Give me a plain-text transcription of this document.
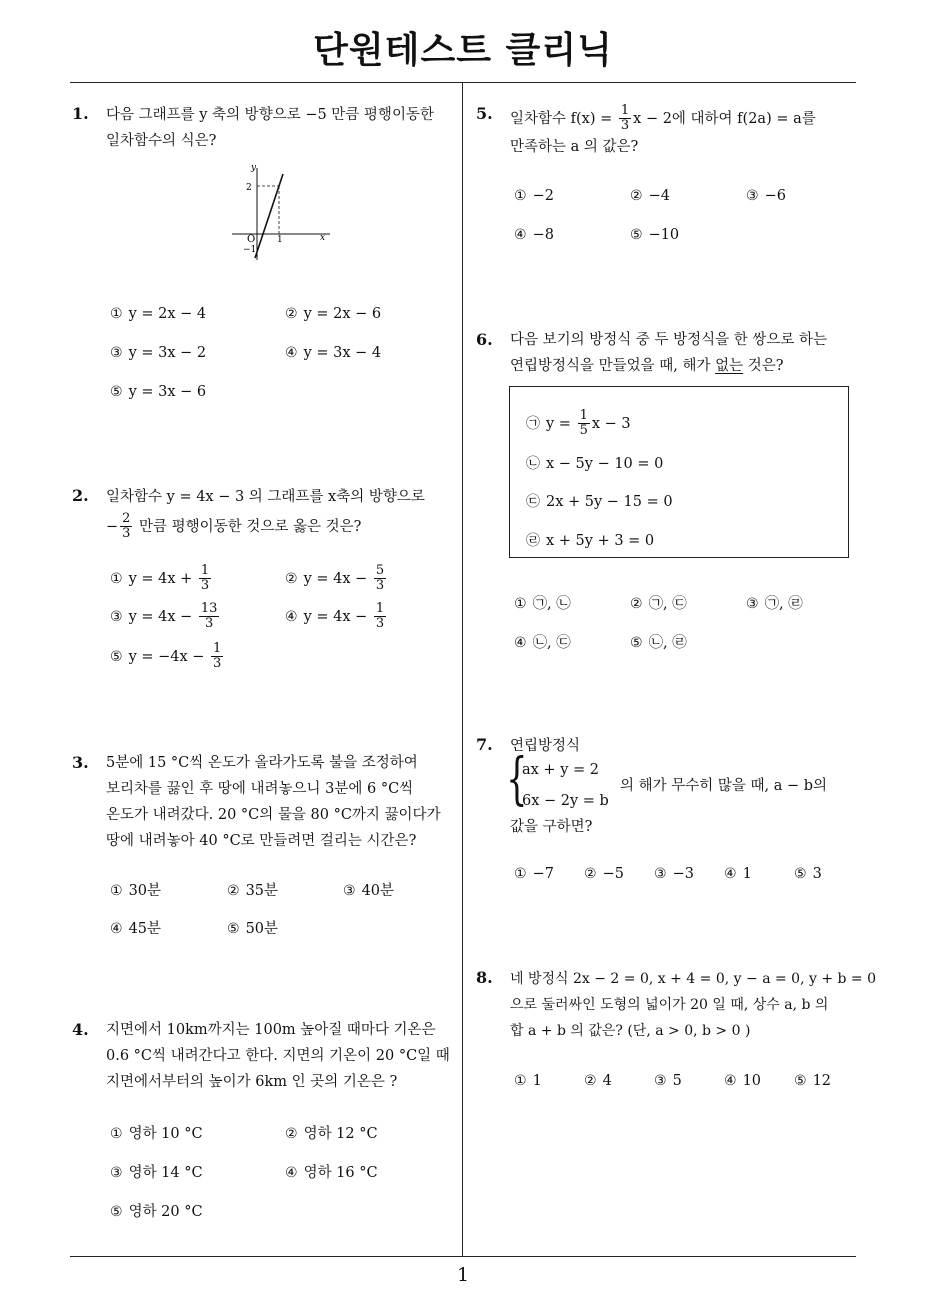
단원테스트 클리닉
1
1. 다음 그래프를 y 축의 방향으로 −5 만큼 평행이동한
일차함수의 식은?
y
x
O
2
−1
1
① y = 2x − 4	② y = 2x − 6
③ y = 3x − 2	④ y = 3x − 4
⑤ y = 3x − 6
2. 일차함수 y = 4x − 3 의 그래프를 x축의 방향으로
− $\frac{2}{3}$ 만큼 평행이동한 것으로 옳은 것은?
① $y = 4x + \frac{1}{3}$	② $y = 4x - \frac{5}{3}$
③ $y = 4x - \frac{13}{3}$	④ $y = 4x - \frac{1}{3}$
⑤ $y = -4x - \frac{1}{3}$
3. 5분에 15 °C씩 온도가 올라가도록 불을 조정하여
보리차를 끓인 후 땅에 내려놓으니 3분에 6 °C씩
온도가 내려갔다. 20 °C의 물을 80 °C까지 끓이다가
땅에 내려놓아 40 °C로 만들려면 걸리는 시간은?
① 30분	② 35분	③ 40분
④ 45분	⑤ 50분
4. 지면에서 10km까지는 100m 높아질 때마다 기온은
0.6 °C씩 내려간다고 한다. 지면의 기온이 20 °C일 때
지면에서부터의 높이가 6km 인 곳의 기온은 ?
① 영하 10 °C	② 영하 12 °C
③ 영하 14 °C	④ 영하 16 °C
⑤ 영하 20 °C
5. 일차함수 $f(x) = \frac{1}{3}$ x − 2에 대하여 f(2a) = a를
만족하는 a 의 값은?
① −2	② −4	③ −6
④ −8	⑤ −10
6. 다음 보기의 방정식 중 두 방정식을 한 쌍으로 하는
연립방정식을 만들었을 때, 해가 없는 것은?
㉠ $y = \frac{1}{5}$ x − 3
㉡ x − 5y − 10 = 0
㉢ 2x + 5y − 15 = 0
㉣ x + 5y + 3 = 0
① ㉠, ㉡	② ㉠, ㉢	③ ㉠, ㉣
④ ㉡, ㉢	⑤ ㉡, ㉣
7. 연립방정식
{
ax + y = 2
6x − 2y = b
의 해가 무수히 많을 때, a − b의
값을 구하면?
① −7 ② −5 ③ −3 ④ 1	⑤ 3
8. 네 방정식 2x − 2 = 0, x + 4 = 0, y − a = 0, y + b = 0
으로 둘러싸인 도형의 넓이가 20 일 때, 상수 a, b 의
합 a + b 의 값은? (단, a > 0, b > 0 )
① 1	② 4	③ 5	④ 10 ⑤ 12
